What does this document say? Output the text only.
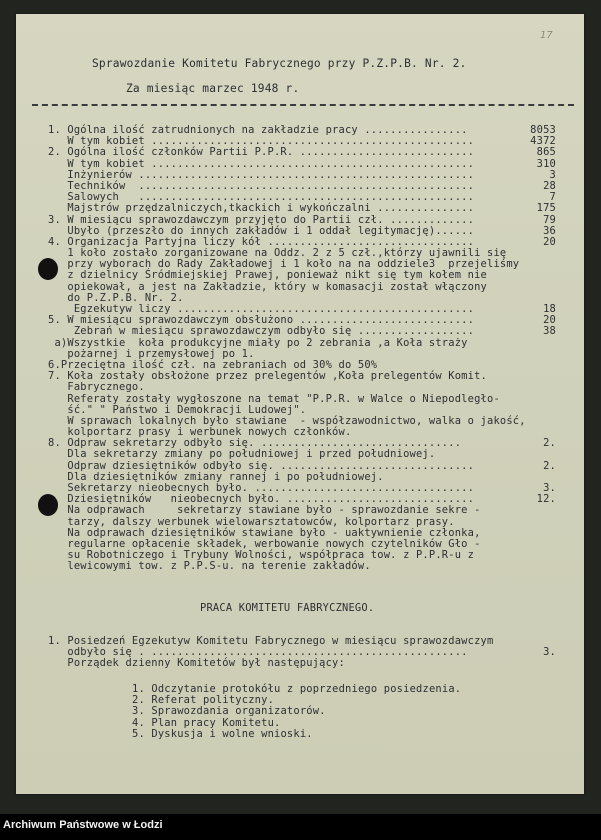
17
Sprawozdanie Komitetu Fabrycznego przy P.Z.P.B. Nr. 2.
Za miesiąc marzec 1948 r.
1. Ogólna ilość zatrudnionych na zakładzie pracy ................	8053
W tym kobiet ..................................................	4372
2. Ogólna ilość członków Partii P.P.R. ...........................	865
W tym kobiet ..................................................	310
Inżynierów ....................................................	3
Techników  ....................................................	28
Salowych   ....................................................	7
Majstrów przędzalniczych,tkackich i wykończalni ...............	175
3. W miesiącu sprawozdawczym przyjęto do Partii czł. .............	79
Ubyło (przeszło do innych zakładów i 1 oddał legitymację)......	36
4. Organizacja Partyjna liczy kół ................................	20
1 koło zostało zorganizowane na Oddz. 2 z 5 czł.,którzy ujawnili się
przy wyborach do Rady Zakładowej i 1 koło na na oddziele3  przejeliśmy
z dzielnicy Śródmiejskiej Prawej, ponieważ nikt się tym kołem nie
opiekował, a jest na Zakładzie, który w komasacji został włączony
do P.Z.P.B. Nr. 2.
Egzekutyw liczy ..............................................	18
5. W miesiącu sprawozdawczym obsłużono ...........................	20
Zebrań w miesiącu sprawozdawczym odbyło się ..................	38
a)Wszystkie  koła produkcyjne miały po 2 zebrania ,a Koła straży
pożarnej i przemysłowej po 1.
6.Przeciętna ilość czł. na zebraniach od 30% do 50%
7. Koła zostały obsłożone przez prelegentów ,Koła prelegentów Komit.
Fabrycznego.
Referaty zostały wygłoszone na temat "P.P.R. w Walce o Niepodległo-
ść." " Państwo i Demokracji Ludowej".
W sprawach lokalnych było stawiane  - współzawodnictwo, walka o jakość,
kolportarz prasy i werbunek nowych członków.
8. Odpraw sekretarzy odbyło się. ...............................	2.
Dla sekretarzy zmiany po południowej i przed południowej.
Odpraw dziesiętników odbyło się. ..............................	2.
Dla dziesiętników zmiany rannej i po południowej.
Sekretarzy nieobecnych było. ..................................	3.
Dziesiętników   nieobecnych było. .............................	12.
Na odprawach     sekretarzy stawiane było - sprawozdanie sekre -
tarzy, dalszy werbunek wielowarsztatowców, kolportarz prasy.
Na odprawach dziesiętników stawiane było - uaktywnienie członka,
regularne opłacenie składek, werbowanie nowych czytelników Gło -
su Robotniczego i Trybuny Wolności, współpraca tow. z P.P.R-u z
lewicowymi tow. z P.P.S-u. na terenie zakładów.
PRACA KOMITETU FABRYCZNEGO.
1. Posiedzeń Egzekutyw Komitetu Fabrycznego w miesiącu sprawozdawczym
odbyło się . .................................................	3.
Porządek dzienny Komitetów był następujący:
1. Odczytanie protokółu z poprzedniego posiedzenia.
2. Referat polityczny.
3. Sprawozdania organizatorów.
4. Plan pracy Komitetu.
5. Dyskusja i wolne wnioski.
Archiwum Państwowe w Łodzi
